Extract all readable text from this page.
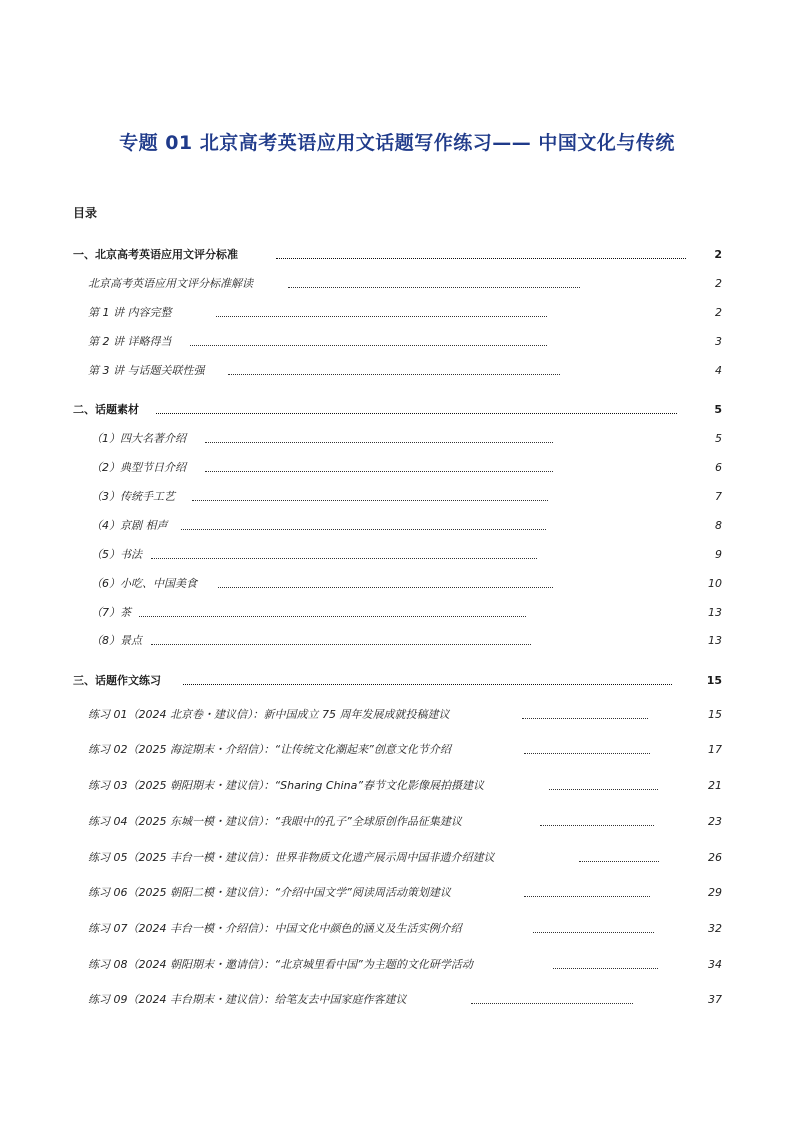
专题 01 北京高考英语应用文话题写作练习—— 中国文化与传统
目录
一、北京高考英语应用文评分标准	2
北京高考英语应用文评分标准解读	2
第 1 讲 内容完整	2
第 2 讲 详略得当	3
第 3 讲 与话题关联性强	4
二、话题素材	5
（1）四大名著介绍	5
（2）典型节日介绍	6
（3）传统手工艺	7
（4）京剧 相声	8
（5）书法	9
（6）小吃、中国美食	10
（7）茶	13
（8）景点	13
三、话题作文练习	15
练习 01（2024 北京卷・建议信）：新中国成立 75 周年发展成就投稿建议	15
练习 02（2025 海淀期末・介绍信）：“让传统文化潮起来”创意文化节介绍	17
练习 03（2025 朝阳期末・建议信）：“Sharing China”春节文化影像展拍摄建议	21
练习 04（2025 东城一模・建议信）：“我眼中的孔子”全球原创作品征集建议	23
练习 05（2025 丰台一模・建议信）：世界非物质文化遗产展示周中国非遗介绍建议	26
练习 06（2025 朝阳二模・建议信）：“介绍中国文学”阅读周活动策划建议	29
练习 07（2024 丰台一模・介绍信）：中国文化中颜色的涵义及生活实例介绍	32
练习 08（2024 朝阳期末・邀请信）：“北京城里看中国”为主题的文化研学活动	34
练习 09（2024 丰台期末・建议信）：给笔友去中国家庭作客建议	37
